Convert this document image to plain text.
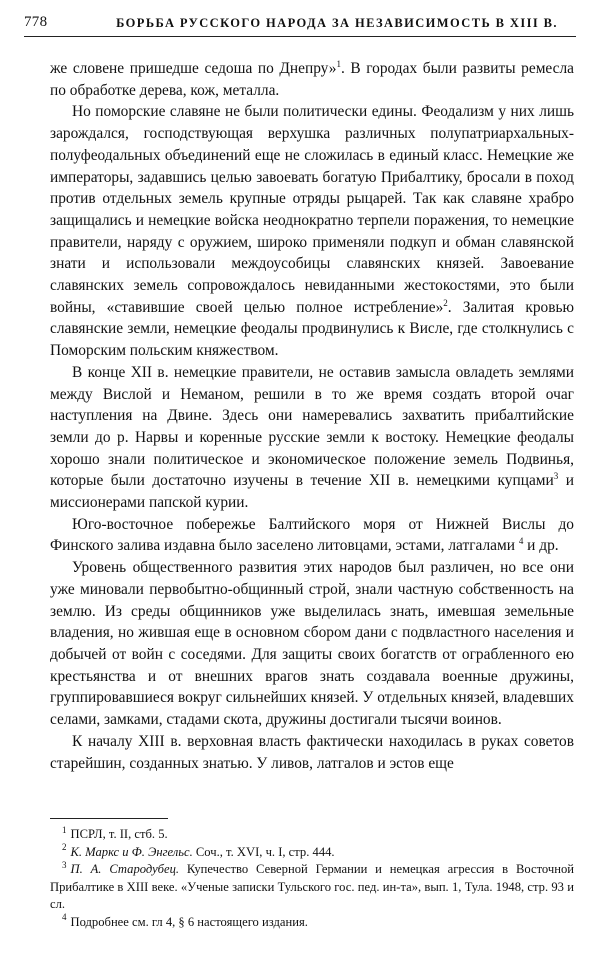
778	БОРЬБА РУССКОГО НАРОДА ЗА НЕЗАВИСИМОСТЬ В XIII В.

же словене пришедше седоша по Днепру»$^1$. В городах были развиты ремесла по обработке дерева, кож, металла.

Но поморские славяне не были политически едины. Феодализм у них лишь зарождался, господствующая верхушка различных полупатриархальных-полуфеодальных объединений еще не сложилась в единый класс. Немецкие же императоры, задавшись целью завоевать богатую Прибалтику, бросали в поход против отдельных земель крупные отряды рыцарей. Так как славяне храбро защищались и немецкие войска неоднократно терпели поражения, то немецкие правители, наряду с оружием, широко применяли подкуп и обман славянской знати и использовали междоусобицы славянских князей. Завоевание славянских земель сопровождалось невиданными жестокостями, это были войны, «ставившие своей целью полное истребление»$^2$. Залитая кровью славянские земли, немецкие феодалы продвинулись к Висле, где столкнулись с Поморским польским княжеством.

В конце XII в. немецкие правители, не оставив замысла овладеть землями между Вислой и Неманом, решили в то же время создать второй очаг наступления на Двине. Здесь они намеревались захватить прибалтийские земли до р. Нарвы и коренные русские земли к востоку. Немецкие феодалы хорошо знали политическое и экономическое положение земель Подвинья, которые были достаточно изучены в течение XII в. немецкими купцами$^3$ и миссионерами папской курии.

Юго-восточное побережье Балтийского моря от Нижней Вислы до Финского залива издавна было заселено литовцами, эстами, латгалами $^4$ и др.

Уровень общественного развития этих народов был различен, но все они уже миновали первобытно-общинный строй, знали частную собственность на землю. Из среды общинников уже выделилась знать, имевшая земельные владения, но жившая еще в основном сбором дани с подвластного населения и добычей от войн с соседями. Для защиты своих богатств от ограбленного ею крестьянства и от внешних врагов знать создавала военные дружины, группировавшиеся вокруг сильнейших князей. У отдельных князей, владевших селами, замками, стадами скота, дружины достигали тысячи воинов.

К началу XIII в. верховная власть фактически находилась в руках советов старейшин, созданных знатью. У ливов, латгалов и эстов еще

$^1$ ПСРЛ, т. II, стб. 5.

$^2$ К. Маркс и Ф. Энгельс. Соч., т. XVI, ч. I, стр. 444.

$^3$ П. А. Стародубец. Купечество Северной Германии и немецкая агрессия в Восточной Прибалтике в XIII веке. «Ученые записки Тульского гос. пед. ин-та», вып. 1, Тула. 1948, стр. 93 и сл.

$^4$ Подробнее см. гл 4, § 6 настоящего издания.
